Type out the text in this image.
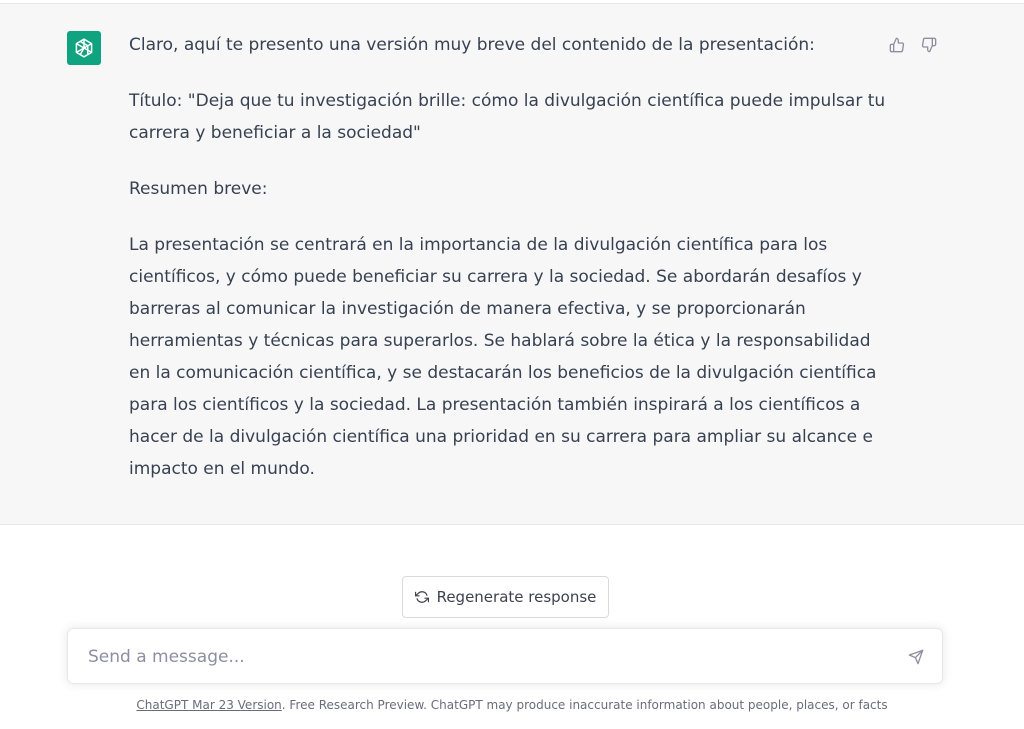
Claro, aquí te presento una versión muy breve del contenido de la presentación:

Título: "Deja que tu investigación brille: cómo la divulgación científica puede impulsar tu carrera y beneficiar a la sociedad"

Resumen breve:

La presentación se centrará en la importancia de la divulgación científica para los científicos, y cómo puede beneficiar su carrera y la sociedad. Se abordarán desafíos y barreras al comunicar la investigación de manera efectiva, y se proporcionarán herramientas y técnicas para superarlos. Se hablará sobre la ética y la responsabilidad en la comunicación científica, y se destacarán los beneficios de la divulgación científica para los científicos y la sociedad. La presentación también inspirará a los científicos a hacer de la divulgación científica una prioridad en su carrera para ampliar su alcance e impacto en el mundo.

Regenerate response
Send a message...
ChatGPT Mar 23 Version. Free Research Preview. ChatGPT may produce inaccurate information about people, places, or facts
